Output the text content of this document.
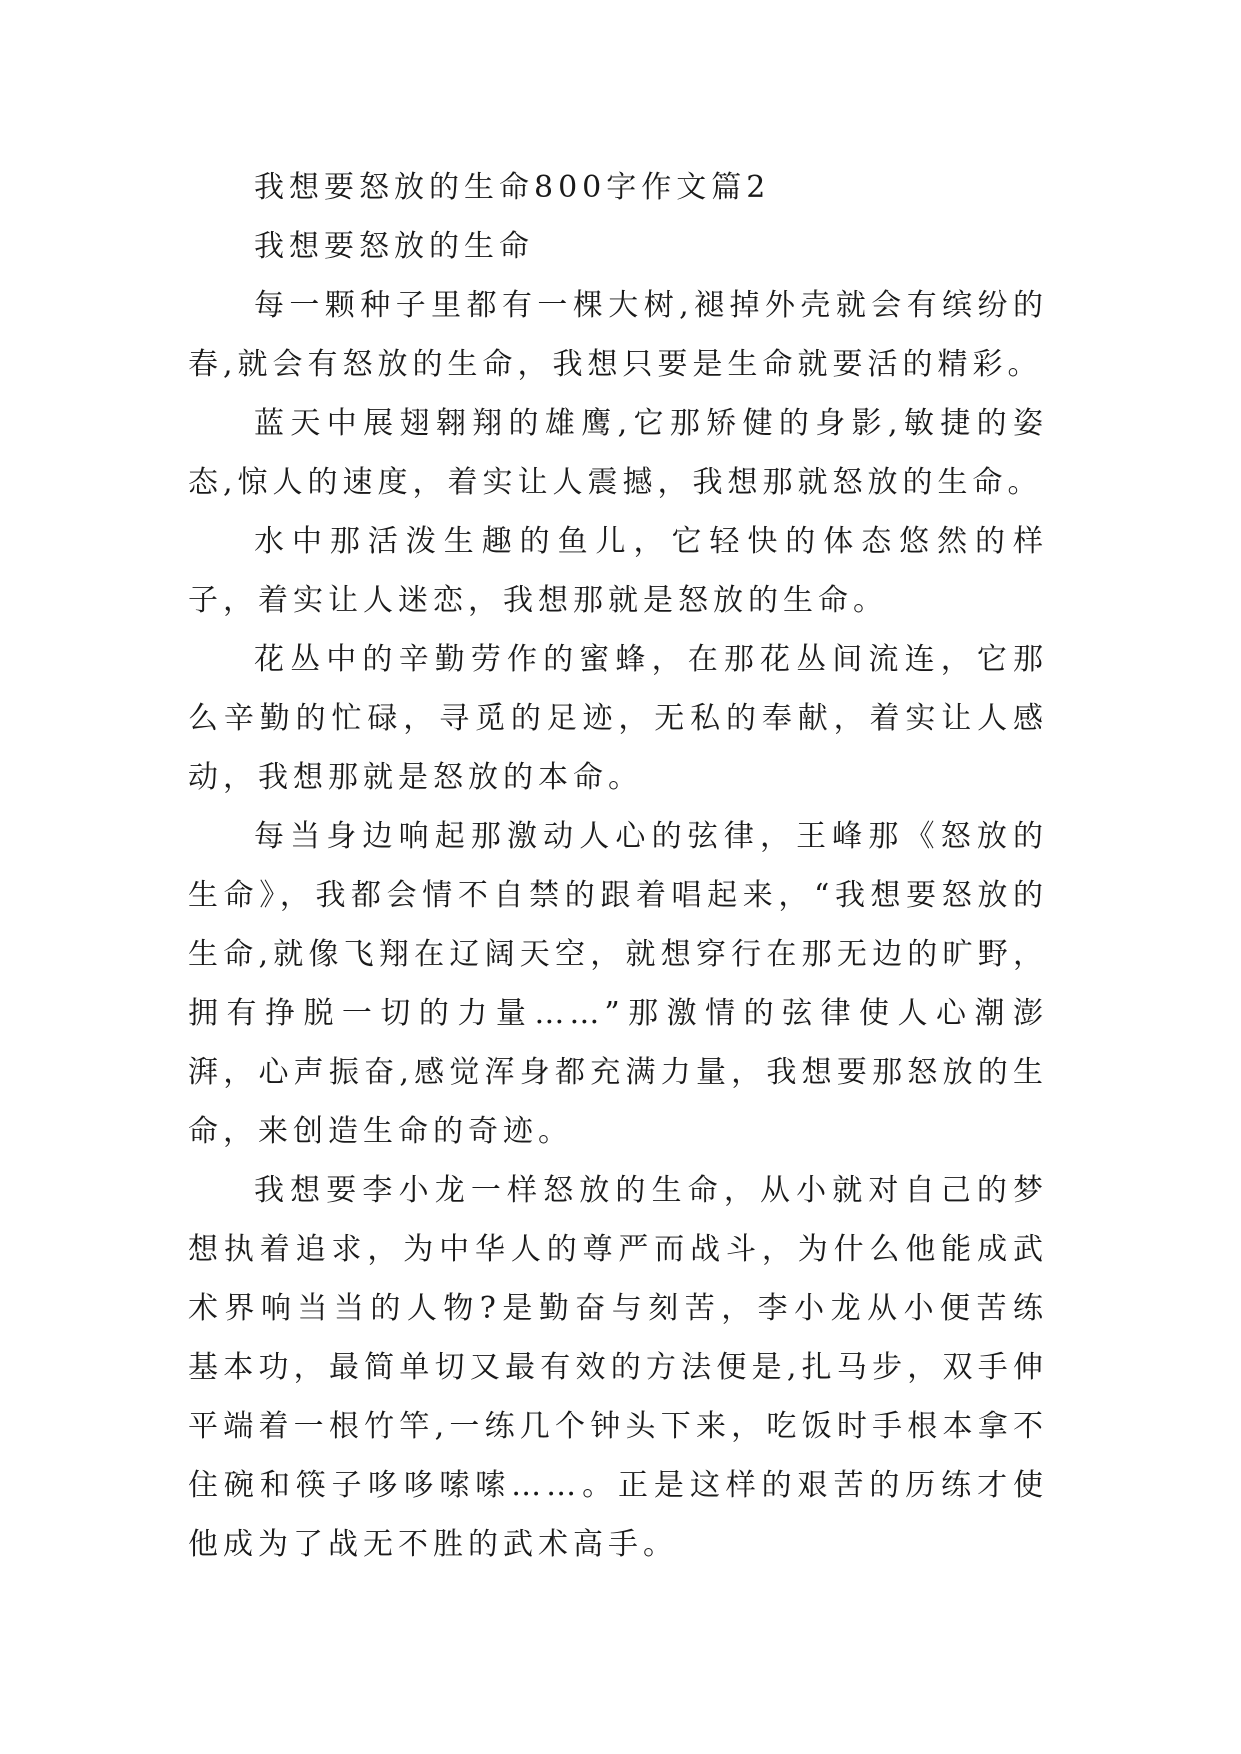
我想要怒放的生命800字作文篇2

我想要怒放的生命

每一颗种子里都有一棵大树,褪掉外壳就会有缤纷的春,就会有怒放的生命，我想只要是生命就要活的精彩。

蓝天中展翅翱翔的雄鹰,它那矫健的身影,敏捷的姿态,惊人的速度，着实让人震撼，我想那就怒放的生命。

水中那活泼生趣的鱼儿，它轻快的体态悠然的样子，着实让人迷恋，我想那就是怒放的生命。

花丛中的辛勤劳作的蜜蜂，在那花丛间流连，它那么辛勤的忙碌，寻觅的足迹，无私的奉献，着实让人感动，我想那就是怒放的本命。

每当身边响起那激动人心的弦律，王峰那《怒放的生命》，我都会情不自禁的跟着唱起来，“我想要怒放的生命,就像飞翔在辽阔天空，就想穿行在那无边的旷野，拥有挣脱一切的力量……”那激情的弦律使人心潮澎湃，心声振奋,感觉浑身都充满力量，我想要那怒放的生命，来创造生命的奇迹。

我想要李小龙一样怒放的生命，从小就对自己的梦想执着追求，为中华人的尊严而战斗，为什么他能成武术界响当当的人物?是勤奋与刻苦，李小龙从小便苦练基本功，最简单切又最有效的方法便是,扎马步，双手伸平端着一根竹竿,一练几个钟头下来，吃饭时手根本拿不住碗和筷子哆哆嗦嗦……。正是这样的艰苦的历练才使他成为了战无不胜的武术高手。
